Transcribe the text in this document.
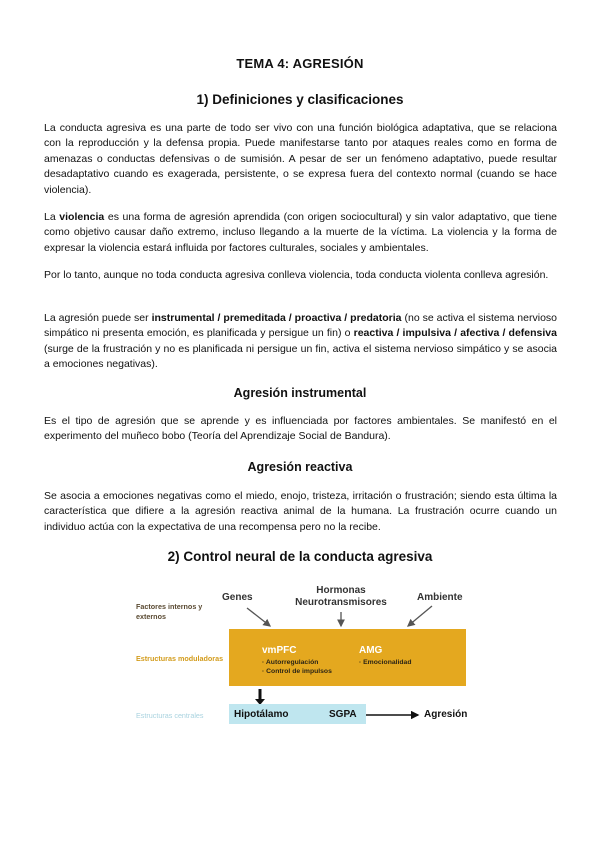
TEMA 4: AGRESIÓN
1) Definiciones y clasificaciones

La conducta agresiva es una parte de todo ser vivo con una función biológica adaptativa, que se relaciona con la reproducción y la defensa propia. Puede manifestarse tanto por ataques reales como en forma de amenazas o conductas defensivas o de sumisión. A pesar de ser un fenómeno adaptativo, puede resultar desadaptativo cuando es exagerada, persistente, o se expresa fuera del contexto normal (cuando se hace violencia).

La violencia es una forma de agresión aprendida (con origen sociocultural) y sin valor adaptativo, que tiene como objetivo causar daño extremo, incluso llegando a la muerte de la víctima. La violencia y la forma de expresar la violencia estará influida por factores culturales, sociales y ambientales.

Por lo tanto, aunque no toda conducta agresiva conlleva violencia, toda conducta violenta conlleva agresión.

La agresión puede ser instrumental / premeditada / proactiva / predatoria (no se activa el sistema nervioso simpático ni presenta emoción, es planificada y persigue un fin) o reactiva / impulsiva / afectiva / defensiva (surge de la frustración y no es planificada ni persigue un fin, activa el sistema nervioso simpático y se asocia a emociones negativas).

Agresión instrumental

Es el tipo de agresión que se aprende y es influenciada por factores ambientales. Se manifestó en el experimento del muñeco bobo (Teoría del Aprendizaje Social de Bandura).

Agresión reactiva

Se asocia a emociones negativas como el miedo, enojo, tristeza, irritación o frustración; siendo esta última la característica que difiere a la agresión reactiva animal de la humana. La frustración ocurre cuando un individuo actúa con la expectativa de una recompensa pero no la recibe.

2) Control neural de la conducta agresiva
Factores internos y externos
Estructuras moduladoras
Estructuras centrales
Genes
Hormonas
Neurotransmisores	Ambiente
vmPFC
· Autorregulación
· Control de impulsos
AMG
· Emocionalidad
Hipotálamo	SGPA	Agresión
